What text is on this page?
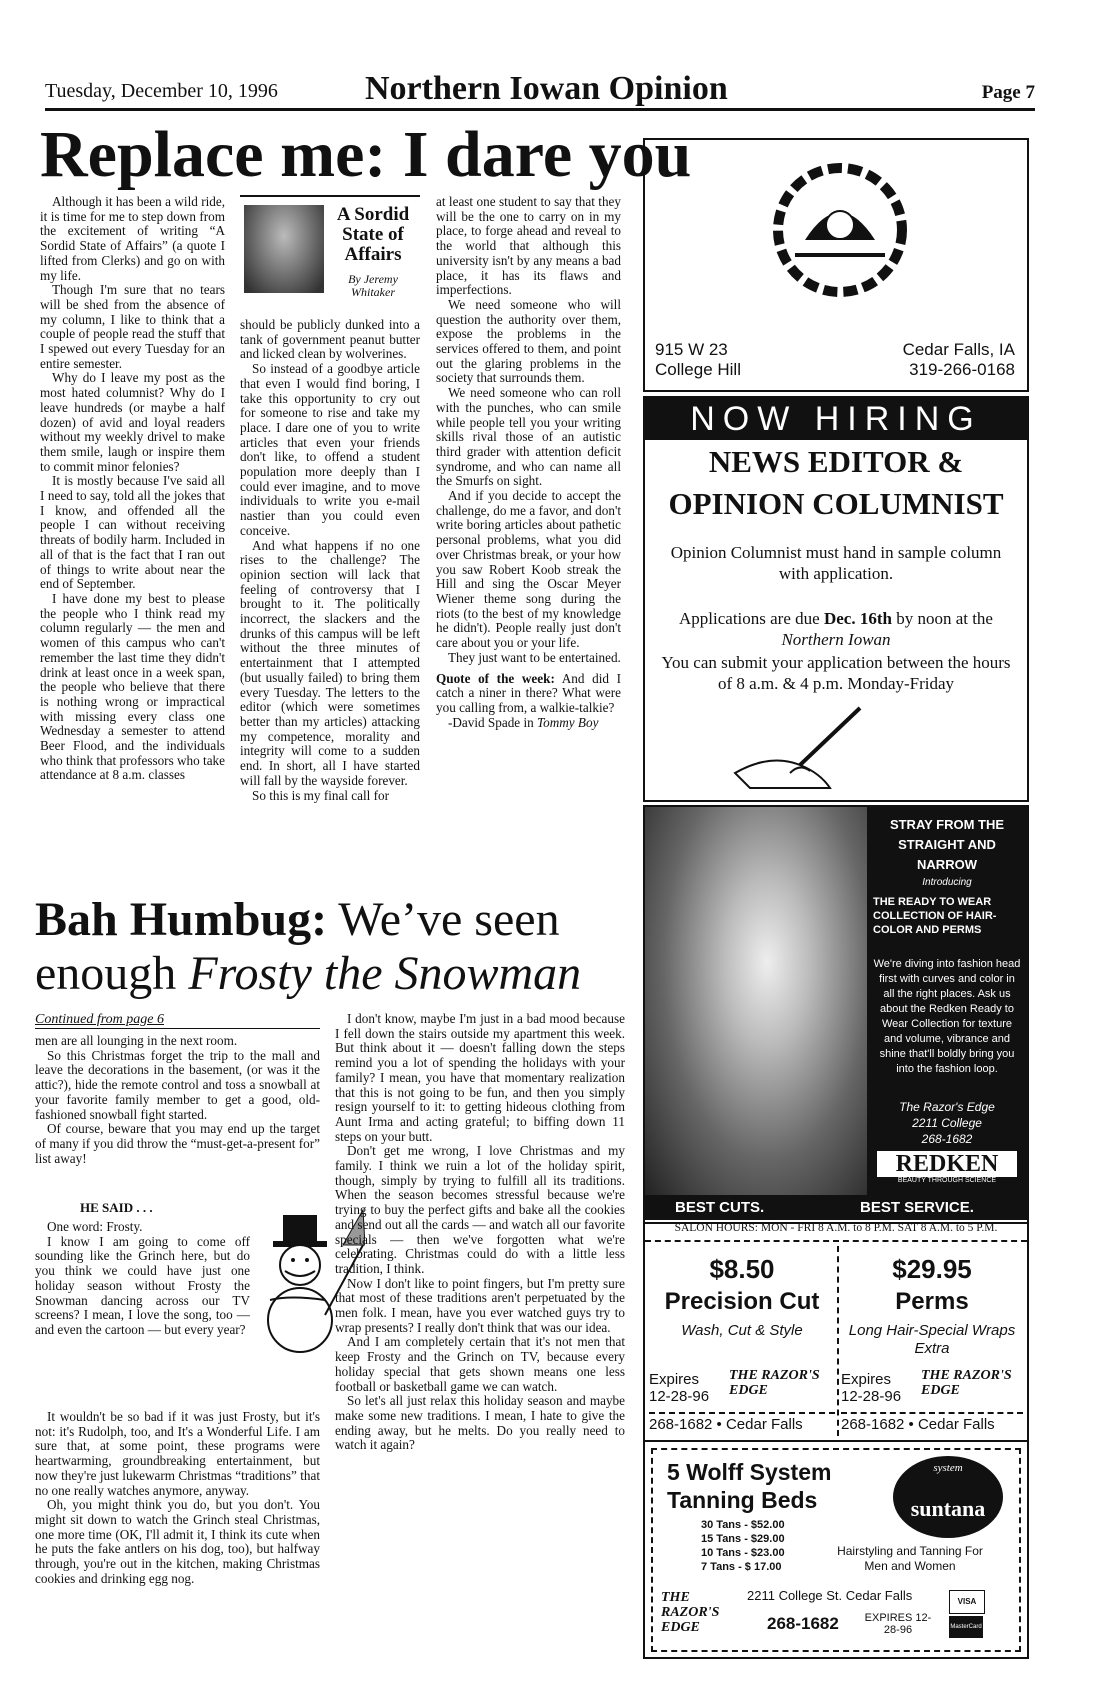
Tuesday, December 10, 1996	Northern Iowan Opinion	Page 7
Replace me: I dare you

Although it has been a wild ride, it is time for me to step down from the excitement of writing “A Sordid State of Affairs” (a quote I lifted from Clerks) and go on with my life.

Though I'm sure that no tears will be shed from the absence of my column, I like to think that a couple of people read the stuff that I spewed out every Tuesday for an entire semester.

Why do I leave my post as the most hated columnist? Why do I leave hundreds (or maybe a half dozen) of avid and loyal readers without my weekly drivel to make them smile, laugh or inspire them to commit minor felonies?

It is mostly because I've said all I need to say, told all the jokes that I know, and offended all the people I can without receiving threats of bodily harm. Included in all of that is the fact that I ran out of things to write about near the end of September.

I have done my best to please the people who I think read my column regularly — the men and women of this campus who can't remember the last time they didn't drink at least once in a week span, the people who believe that there is nothing wrong or impractical with missing every class one Wednesday a semester to attend Beer Flood, and the individuals who think that professors who take attendance at 8 a.m. classes

A Sordid State of Affairs
By Jeremy Whitaker

should be publicly dunked into a tank of government peanut butter and licked clean by wolverines.

So instead of a goodbye article that even I would find boring, I take this opportunity to cry out for someone to rise and take my place. I dare one of you to write articles that even your friends don't like, to offend a student population more deeply than I could ever imagine, and to move individuals to write you e-mail nastier than you could even conceive.

And what happens if no one rises to the challenge? The opinion section will lack that feeling of controversy that I brought to it. The politically incorrect, the slackers and the drunks of this campus will be left without the three minutes of entertainment that I attempted (but usually failed) to bring them every Tuesday. The letters to the editor (which were sometimes better than my articles) attacking my competence, morality and integrity will come to a sudden end. In short, all I have started will fall by the wayside forever.

So this is my final call for

at least one student to say that they will be the one to carry on in my place, to forge ahead and reveal to the world that although this university isn't by any means a bad place, it has its flaws and imperfections.

We need someone who will question the authority over them, expose the problems in the services offered to them, and point out the glaring problems in the society that surrounds them.

We need someone who can roll with the punches, who can smile while people tell you your writing skills rival those of an autistic third grader with attention deficit syndrome, and who can name all the Smurfs on sight.

And if you decide to accept the challenge, do me a favor, and don't write boring articles about pathetic personal problems, what you did over Christmas break, or your how you saw Robert Koob streak the Hill and sing the Oscar Meyer Wiener theme song during the riots (to the best of my knowledge he didn't). People really just don't care about you or your life.

They just want to be entertained.

Quote of the week: And did I catch a niner in there? What were you calling from, a walkie-talkie?

-David Spade in Tommy Boy

Bah Humbug: We’ve seen enough Frosty the Snowman
Continued from page 6

men are all lounging in the next room.

So this Christmas forget the trip to the mall and leave the decorations in the basement, (or was it the attic?), hide the remote control and toss a snowball at your favorite family member to get a good, old-fashioned snowball fight started.

Of course, beware that you may end up the target of many if you did throw the “must-get-a-present for” list away!

HE SAID . . .

One word: Frosty.

I know I am going to come off sounding like the Grinch here, but do you think we could have just one holiday season without Frosty the Snowman dancing across our TV screens? I mean, I love the song, too — and even the cartoon — but every year?

It wouldn't be so bad if it was just Frosty, but it's not: it's Rudolph, too, and It's a Wonderful Life. I am sure that, at some point, these programs were heartwarming, groundbreaking entertainment, but now they're just lukewarm Christmas “traditions” that no one really watches anymore, anyway.

Oh, you might think you do, but you don't. You might sit down to watch the Grinch steal Christmas, one more time (OK, I'll admit it, I think its cute when he puts the fake antlers on his dog, too), but halfway through, you're out in the kitchen, making Christmas cookies and drinking egg nog.

I don't know, maybe I'm just in a bad mood because I fell down the stairs outside my apartment this week. But think about it — doesn't falling down the steps remind you a lot of spending the holidays with your family? I mean, you have that momentary realization that this is not going to be fun, and then you simply resign yourself to it: to getting hideous clothing from Aunt Irma and acting grateful; to biffing down 11 steps on your butt.

Don't get me wrong, I love Christmas and my family. I think we ruin a lot of the holiday spirit, though, simply by trying to fulfill all its traditions. When the season becomes stressful because we're trying to buy the perfect gifts and bake all the cookies and send out all the cards — and watch all our favorite specials — then we've forgotten what we're celebrating. Christmas could do with a little less tradition, I think.

Now I don't like to point fingers, but I'm pretty sure that most of these traditions aren't perpetuated by the men folk. I mean, have you ever watched guys try to wrap presents? I really don't think that was our idea.

And I am completely certain that it's not men that keep Frosty and the Grinch on TV, because every holiday special that gets shown means one less football or basketball game we can watch.

So let's all just relax this holiday season and maybe make some new traditions. I mean, I hate to give the ending away, but he melts. Do you really need to watch it again?

915 W 23
College Hill
Cedar Falls, IA
319-266-0168
NOW HIRING
NEWS EDITOR &
OPINION COLUMNIST
Opinion Columnist must hand in sample column with application.
Applications are due Dec. 16th by noon at the
Northern Iowan
You can submit your application between the hours of 8 a.m. & 4 p.m. Monday-Friday
STRAY FROM THE STRAIGHT AND NARROW
Introducing
THE READY TO WEAR COLLECTION OF HAIR-COLOR AND PERMS
We're diving into fashion head first with curves and color in all the right places. Ask us about the Redken Ready to Wear Collection for texture and volume, vibrance and shine that'll boldly bring you into the fashion loop.
The Razor's Edge
2211 College
268-1682
REDKEN
BEAUTY THROUGH SCIENCE
BEST CUTS.	BEST SERVICE.
SALON HOURS: MON - FRI 8 A.M. to 8 P.M. SAT 8 A.M. to 5 P.M.
$8.50
Precision Cut
Wash, Cut & Style
Expires
12-28-96
THE RAZOR'S EDGE
268-1682 • Cedar Falls
$29.95
Perms
Long Hair-Special Wraps Extra
Expires
12-28-96
THE RAZOR'S EDGE
268-1682 • Cedar Falls
5 Wolff System
Tanning Beds
30 Tans - $52.00
15 Tans - $29.00
10 Tans - $23.00
7 Tans - $ 17.00
system
suntana
Hairstyling and Tanning For Men and Women
THE RAZOR'S EDGE
2211 College St. Cedar Falls
268-1682 EXPIRES 12-28-96
VISA
MasterCard
